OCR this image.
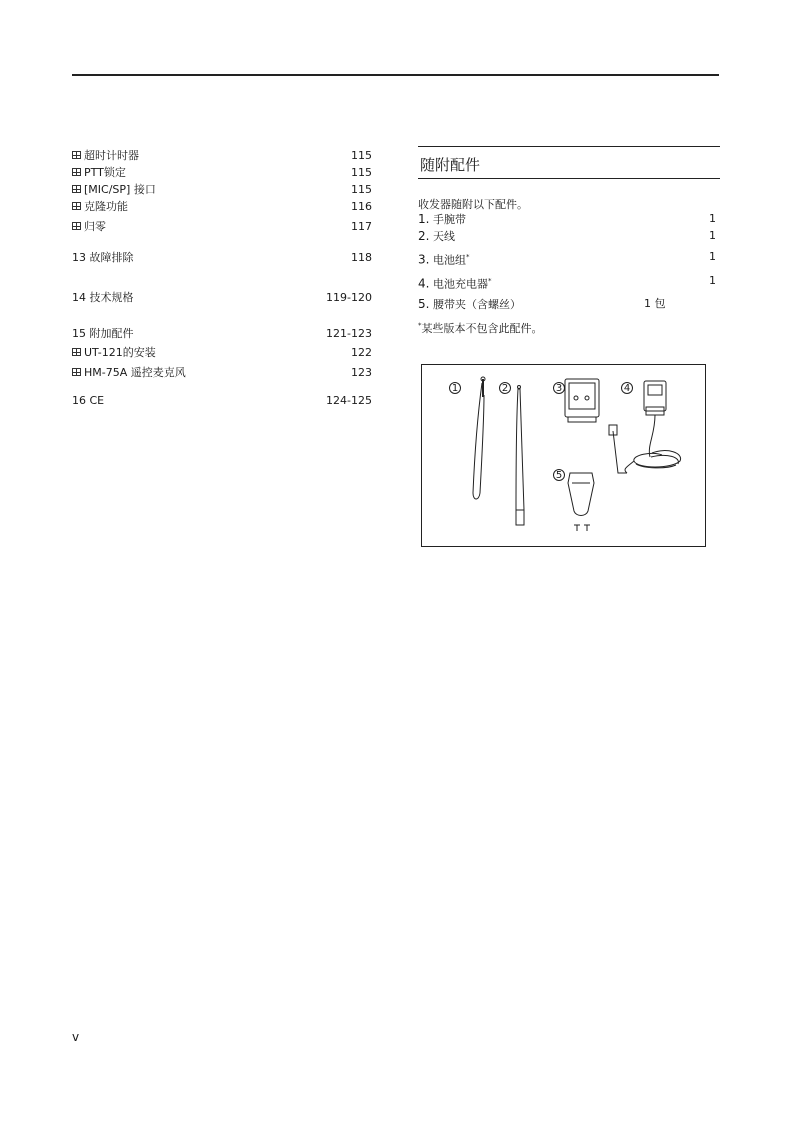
超时计时器	115
PTT锁定	115
[MIC/SP] 接口	115
克隆功能	116
归零	117
13 故障排除	118
14 技术规格	119-120
15 附加配件	121-123
UT-121的安装	122
HM-75A 遥控麦克风	123
16 CE	124-125
随附配件
收发器随附以下配件。
1. 手腕带	1
2. 天线	1
3. 电池组*	1
4. 电池充电器*	1
5. 腰带夹（含螺丝）	1 包
*某些版本不包含此配件。
1	2	3	4
5
v
